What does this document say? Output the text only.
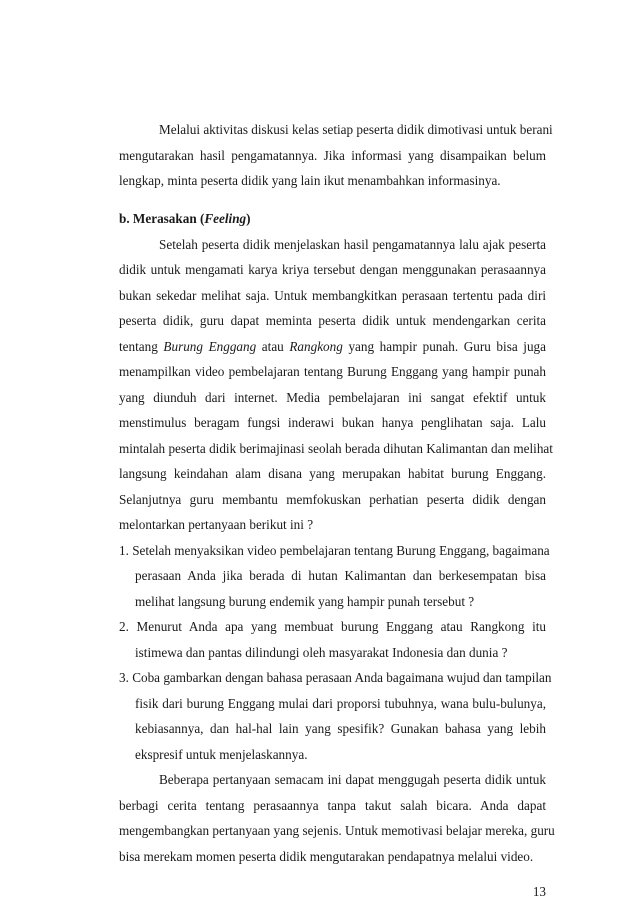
Melalui aktivitas diskusi kelas setiap peserta didik dimotivasi untuk berani
mengutarakan hasil pengamatannya. Jika informasi yang disampaikan belum
lengkap, minta peserta didik yang lain ikut menambahkan informasinya.
b. Merasakan (Feeling)
Setelah peserta didik menjelaskan hasil pengamatannya lalu ajak peserta
didik untuk mengamati karya kriya tersebut dengan menggunakan perasaannya
bukan sekedar melihat saja. Untuk membangkitkan perasaan tertentu pada diri
peserta didik, guru dapat meminta peserta didik untuk mendengarkan cerita
tentang Burung Enggang atau Rangkong yang hampir punah. Guru bisa juga
menampilkan video pembelajaran tentang Burung Enggang yang hampir punah
yang diunduh dari internet. Media pembelajaran ini sangat efektif untuk
menstimulus beragam fungsi inderawi bukan hanya penglihatan saja. Lalu
mintalah peserta didik berimajinasi seolah berada dihutan Kalimantan dan melihat
langsung keindahan alam disana yang merupakan habitat burung Enggang.
Selanjutnya guru membantu memfokuskan perhatian peserta didik dengan
melontarkan pertanyaan berikut ini ?
1. Setelah menyaksikan video pembelajaran tentang Burung Enggang, bagaimana
perasaan Anda jika berada di hutan Kalimantan dan berkesempatan bisa
melihat langsung burung endemik yang hampir punah tersebut ?
2. Menurut Anda apa yang membuat burung Enggang atau Rangkong itu
istimewa dan pantas dilindungi oleh masyarakat Indonesia dan dunia ?
3. Coba gambarkan dengan bahasa perasaan Anda bagaimana wujud dan tampilan
fisik dari burung Enggang mulai dari proporsi tubuhnya, wana bulu-bulunya,
kebiasannya, dan hal-hal lain yang spesifik? Gunakan bahasa yang lebih
ekspresif untuk menjelaskannya.
Beberapa pertanyaan semacam ini dapat menggugah peserta didik untuk
berbagi cerita tentang perasaannya tanpa takut salah bicara. Anda dapat
mengembangkan pertanyaan yang sejenis. Untuk memotivasi belajar mereka, guru
bisa merekam momen peserta didik mengutarakan pendapatnya melalui video.
13
